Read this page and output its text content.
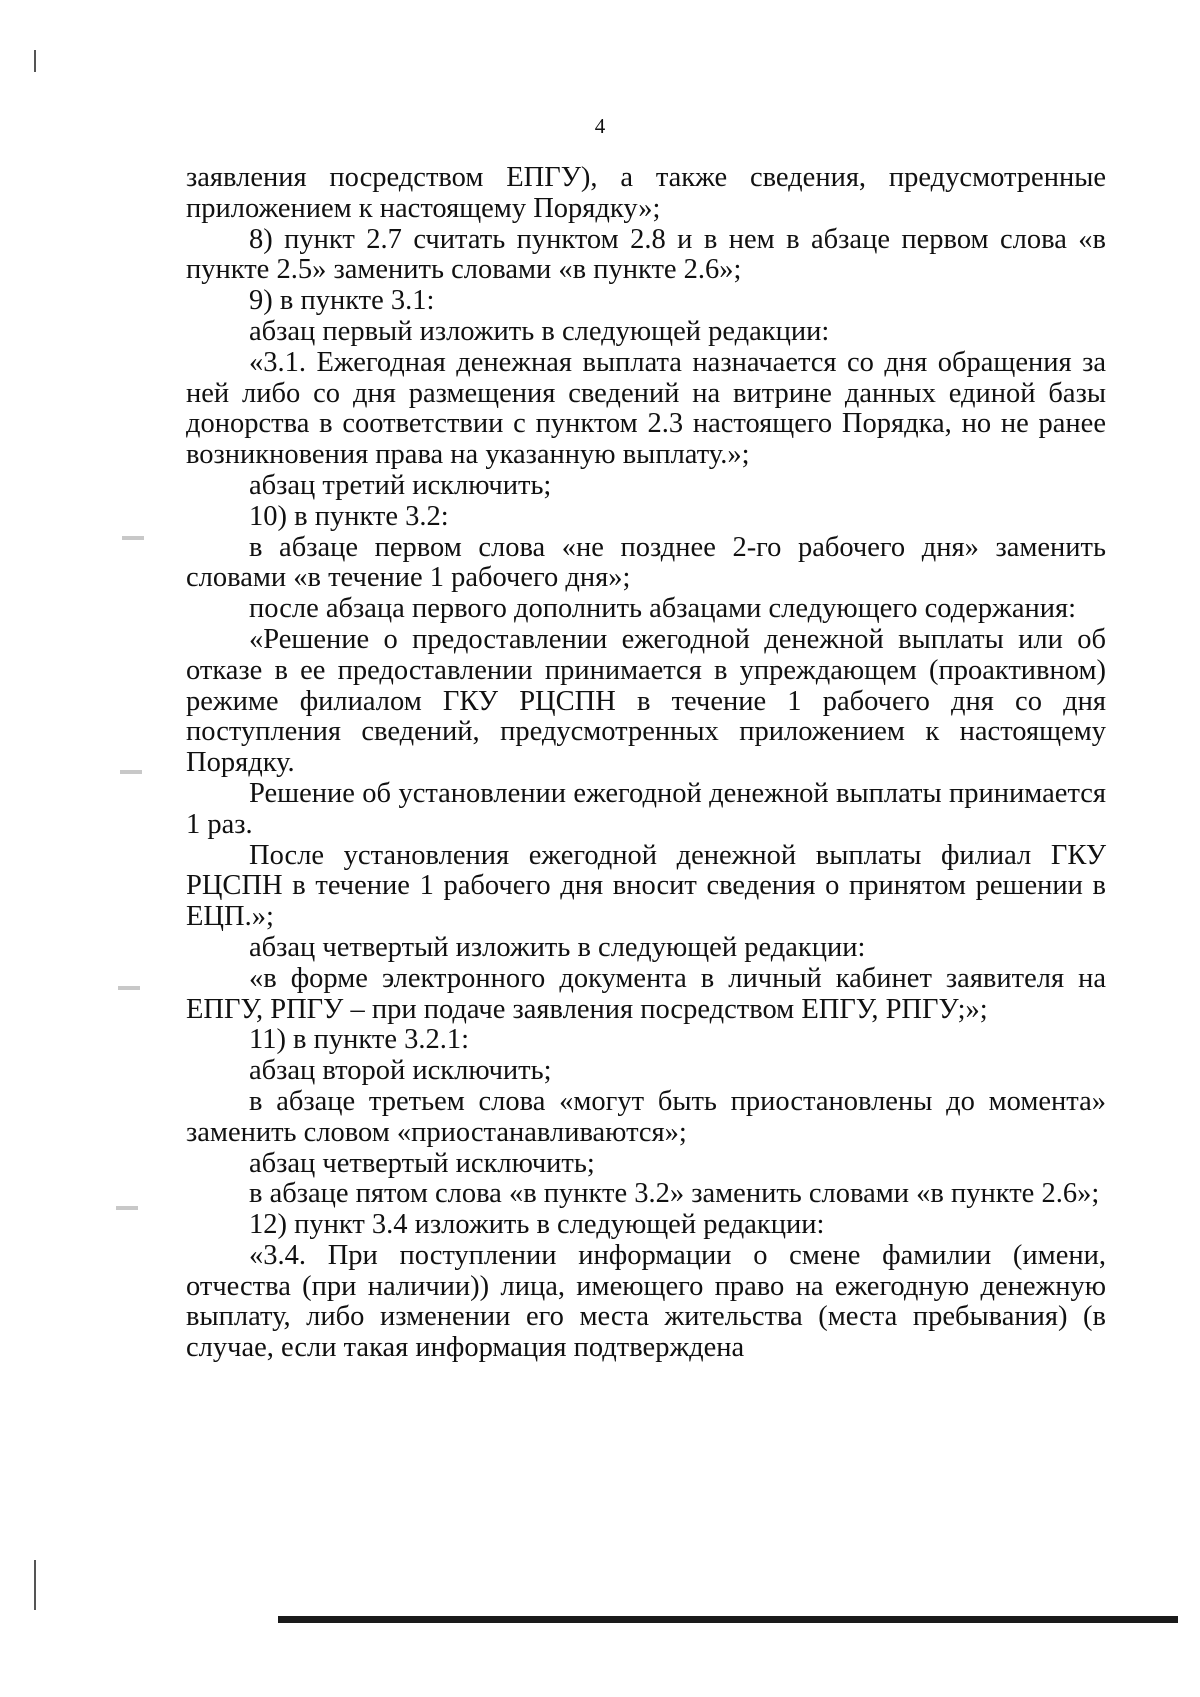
4

заявления посредством ЕПГУ), а также сведения, предусмотренные приложением к настоящему Порядку»;

8) пункт 2.7 считать пунктом 2.8 и в нем в абзаце первом слова «в пункте 2.5» заменить словами «в пункте 2.6»;

9) в пункте 3.1:

абзац первый изложить в следующей редакции:

«3.1. Ежегодная денежная выплата назначается со дня обращения за ней либо со дня размещения сведений на витрине данных единой базы донорства в соответствии с пунктом 2.3 настоящего Порядка, но не ранее возникновения права на указанную выплату.»;

абзац третий исключить;

10) в пункте 3.2:

в абзаце первом слова «не позднее 2-го рабочего дня» заменить словами «в течение 1 рабочего дня»;

после абзаца первого дополнить абзацами следующего содержания:

«Решение о предоставлении ежегодной денежной выплаты или об отказе в ее предоставлении принимается в упреждающем (проактивном) режиме филиалом ГКУ РЦСПН в течение 1 рабочего дня со дня поступления сведений, предусмотренных приложением к настоящему Порядку.

Решение об установлении ежегодной денежной выплаты принимается 1 раз.

После установления ежегодной денежной выплаты филиал ГКУ РЦСПН в течение 1 рабочего дня вносит сведения о принятом решении в ЕЦП.»;

абзац четвертый изложить в следующей редакции:

«в форме электронного документа в личный кабинет заявителя на ЕПГУ, РПГУ – при подаче заявления посредством ЕПГУ, РПГУ;»;

11) в пункте 3.2.1:

абзац второй исключить;

в абзаце третьем слова «могут быть приостановлены до момента» заменить словом «приостанавливаются»;

абзац четвертый исключить;

в абзаце пятом слова «в пункте 3.2» заменить словами «в пункте 2.6»;

12) пункт 3.4 изложить в следующей редакции:

«3.4. При поступлении информации о смене фамилии (имени, отчества (при наличии)) лица, имеющего право на ежегодную денежную выплату, либо изменении его места жительства (места пребывания) (в случае, если такая информация подтверждена
